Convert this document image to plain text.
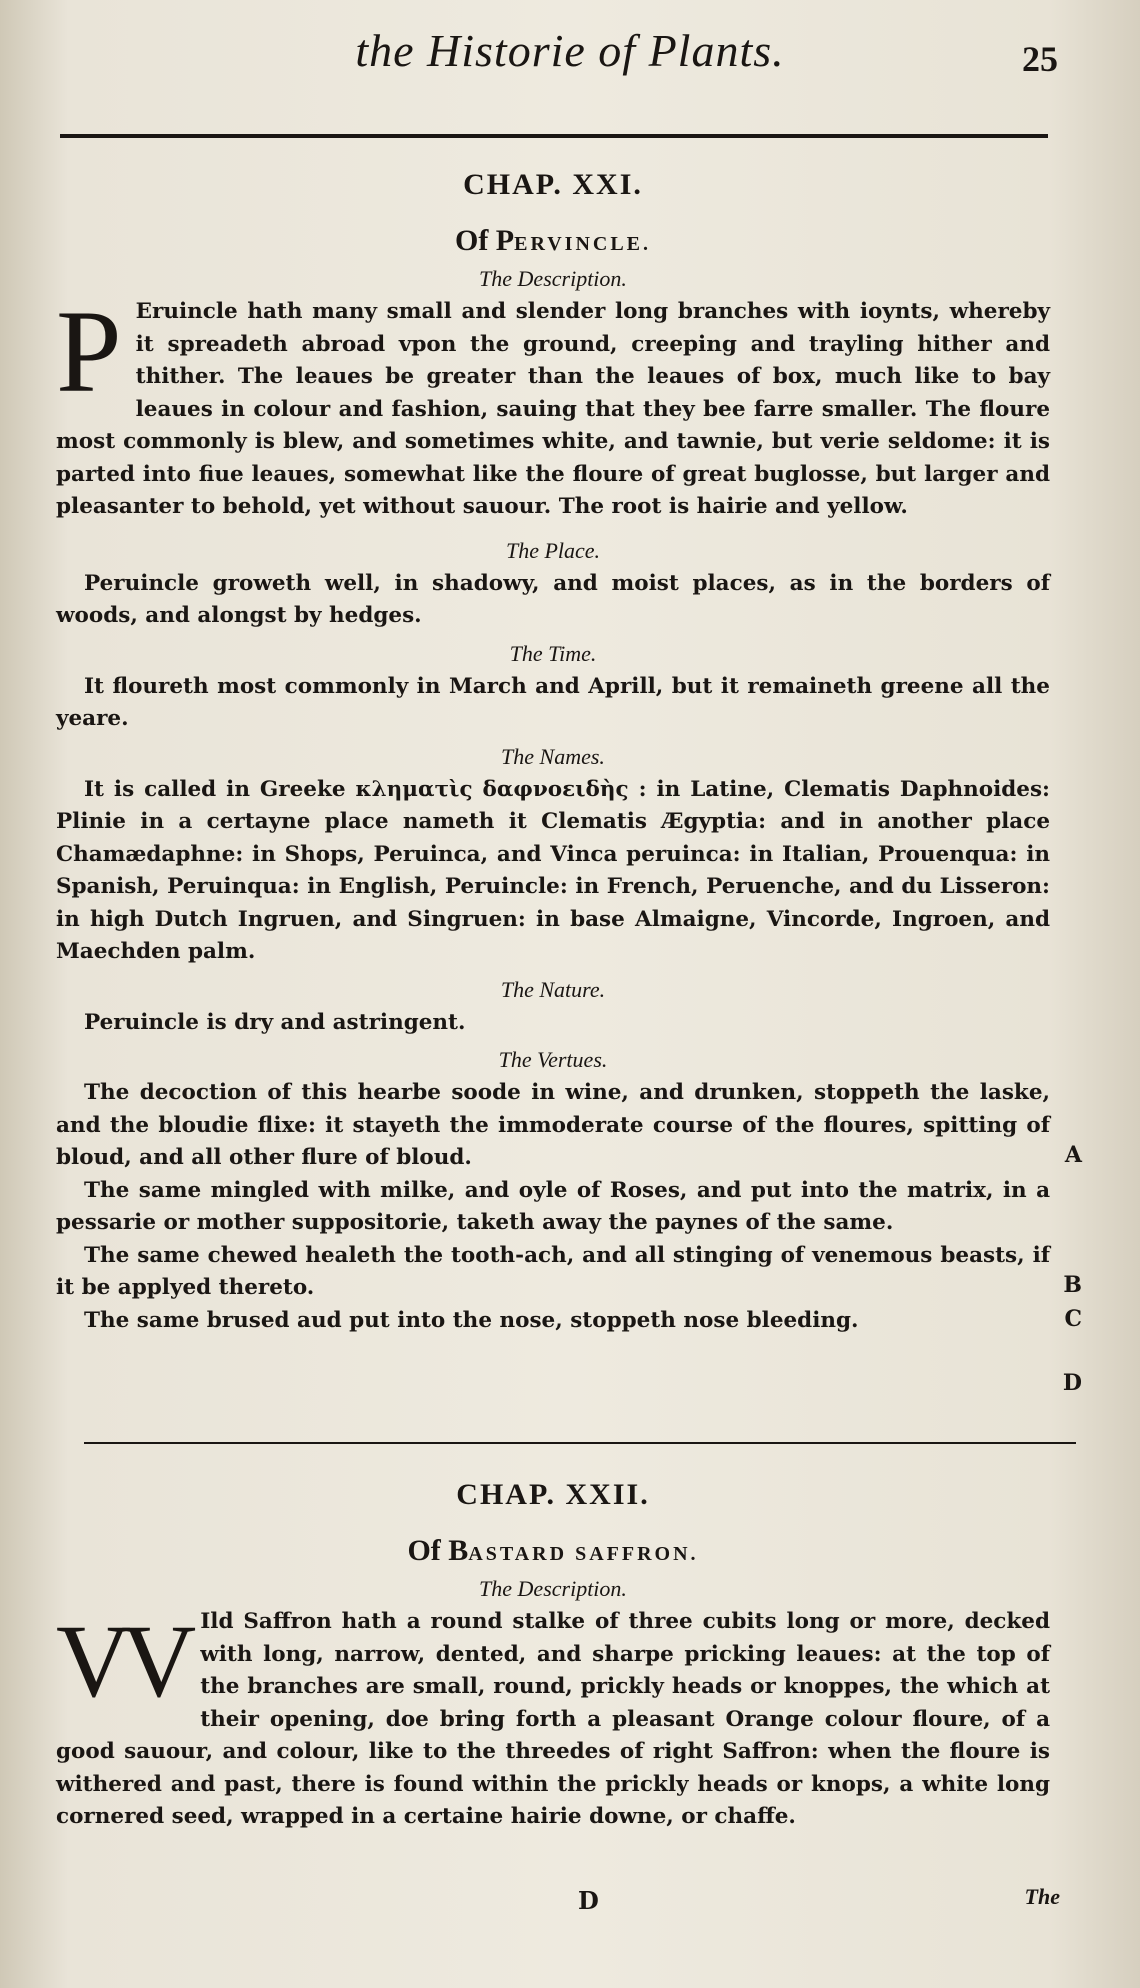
the Historie of Plants.	25
CHAP. XXI.
Of PERVINCLE.
The Description.

P Eruincle hath many small and slender long branches with ioynts, whereby it spreadeth abroad vpon the ground, creeping and trayling hither and thither. The leaues be greater than the leaues of box, much like to bay leaues in colour and fashion, sauing that they bee farre smaller. The floure most commonly is blew, and sometimes white, and tawnie, but verie seldome: it is parted into fiue leaues, somewhat like the floure of great buglosse, but larger and pleasanter to behold, yet without sauour. The root is hairie and yellow.

The Place.

Peruincle groweth well, in shadowy, and moist places, as in the borders of woods, and alongst by hedges.

The Time.

It floureth most commonly in March and Aprill, but it remaineth greene all the yeare.

The Names.

It is called in Greeke κληματὶς δαφνοειδὴς : in Latine, Clematis Daphnoides: Plinie in a certayne place nameth it Clematis Ægyptia: and in another place Chamædaphne: in Shops, Peruinca, and Vinca peruinca: in Italian, Prouenqua: in Spanish, Peruinqua: in English, Peruincle: in French, Peruenche, and du Lisseron: in high Dutch Ingruen, and Singruen: in base Almaigne, Vincorde, Ingroen, and Maechden palm.

The Nature.

Peruincle is dry and astringent.

The Vertues.

The decoction of this hearbe soode in wine, and drunken, stoppeth the laske, and the bloudie flixe: it stayeth the immoderate course of the floures, spitting of bloud, and all other flure of bloud.

The same mingled with milke, and oyle of Roses, and put into the matrix, in a pessarie or mother suppositorie, taketh away the paynes of the same.

The same chewed healeth the tooth-ach, and all stinging of venemous beasts, if it be applyed thereto.

The same brused aud put into the nose, stoppeth nose bleeding.

A
B
C
D
CHAP. XXII.
Of BASTARD SAFFRON.
The Description.

VV Ild Saffron hath a round stalke of three cubits long or more, decked with long, narrow, dented, and sharpe pricking leaues: at the top of the branches are small, round, prickly heads or knoppes, the which at their opening, doe bring forth a pleasant Orange colour floure, of a good sauour, and colour, like to the threedes of right Saffron: when the floure is withered and past, there is found within the prickly heads or knops, a white long cornered seed, wrapped in a certaine hairie downe, or chaffe.

D	The
